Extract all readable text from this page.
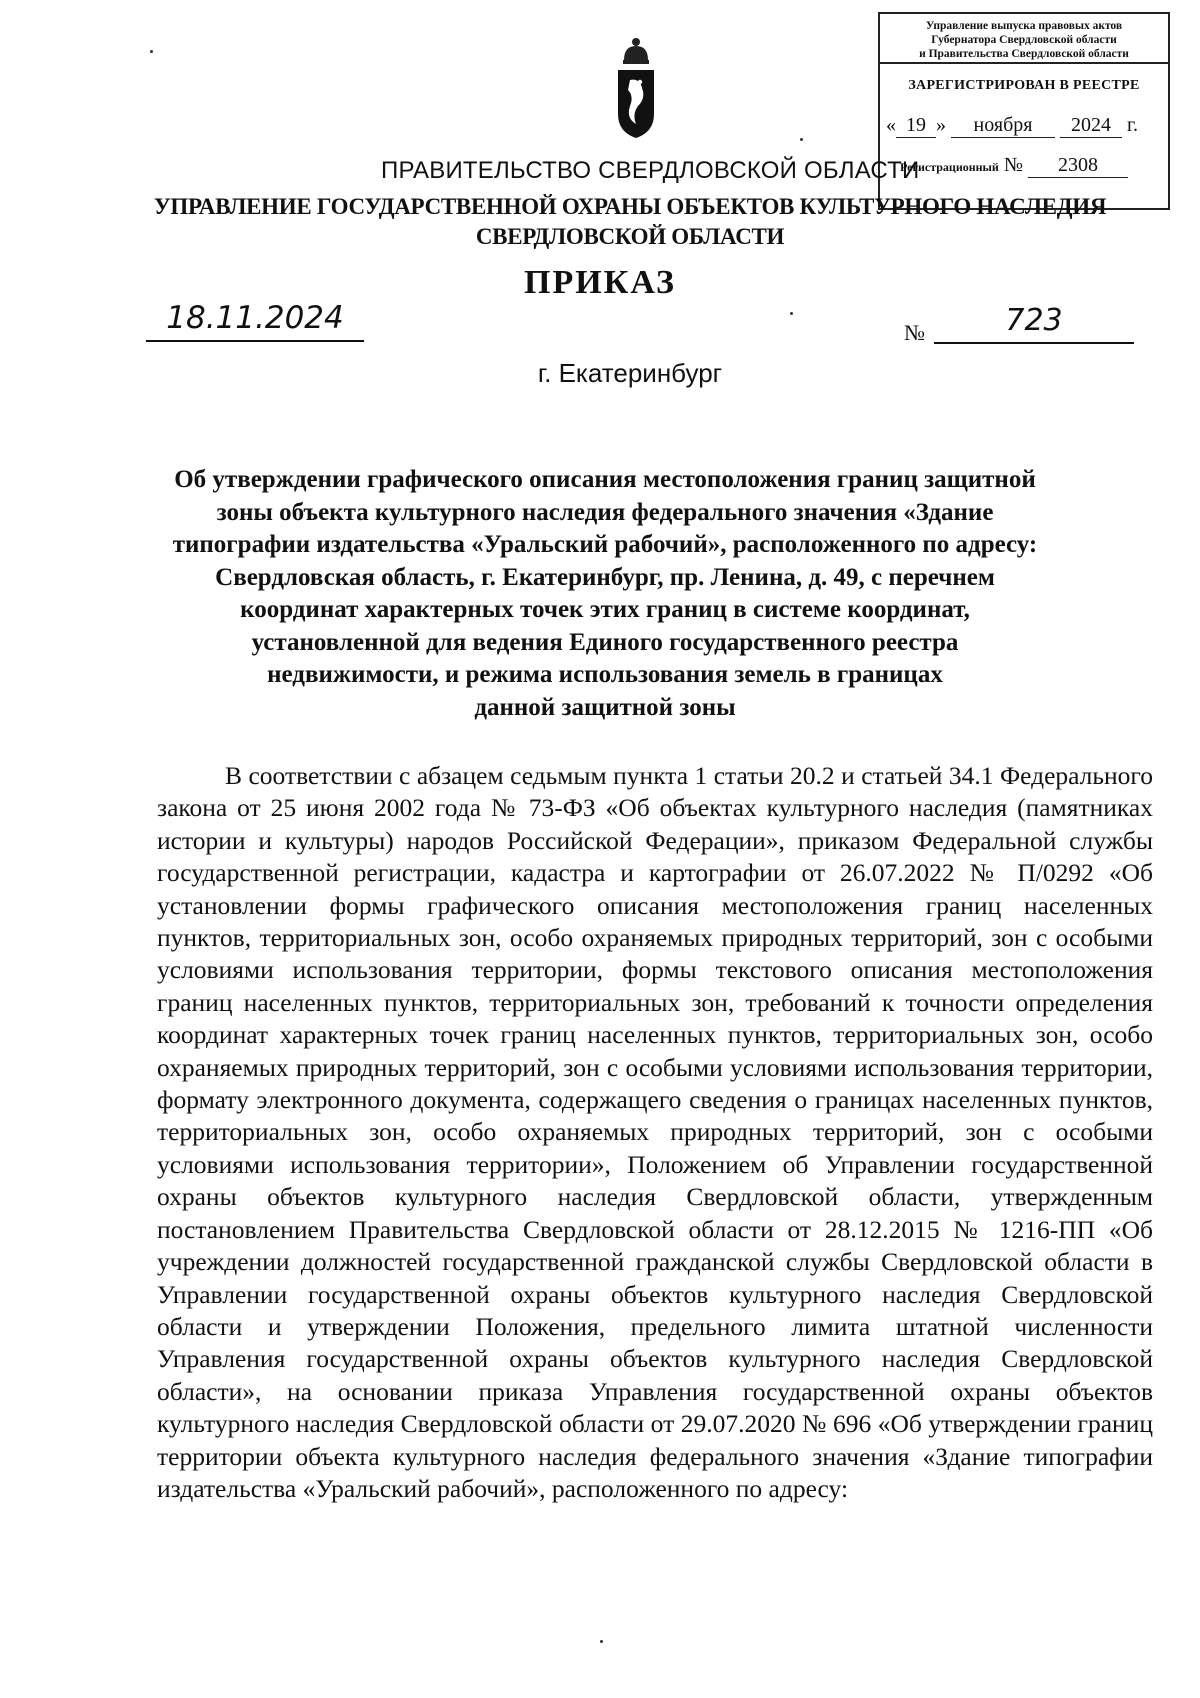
Управление выпуска правовых актов
Губернатора Свердловской области
и Правительства Свердловской области
ЗАРЕГИСТРИРОВАН В РЕЕСТРЕ
« 19 » ноября 2024 г.
Регистрационный № 2308
ПРАВИТЕЛЬСТВО СВЕРДЛОВСКОЙ ОБЛАСТИ
УПРАВЛЕНИЕ ГОСУДАРСТВЕННОЙ ОХРАНЫ ОБЪЕКТОВ КУЛЬТУРНОГО НАСЛЕДИЯ
СВЕРДЛОВСКОЙ ОБЛАСТИ
ПРИКАЗ
18.11.2024	№	723
г. Екатеринбург
Об утверждении графического описания местоположения границ защитной
зоны объекта культурного наследия федерального значения «Здание
типографии издательства «Уральский рабочий», расположенного по адресу:
Свердловская область, г. Екатеринбург, пр. Ленина, д. 49, с перечнем
координат характерных точек этих границ в системе координат,
установленной для ведения Единого государственного реестра
недвижимости, и режима использования земель в границах
данной защитной зоны
В соответствии с абзацем седьмым пункта 1 статьи 20.2 и статьей 34.1 Федерального закона от 25 июня 2002 года № 73-ФЗ «Об объектах культурного наследия (памятниках истории и культуры) народов Российской Федерации», приказом Федеральной службы государственной регистрации, кадастра и картографии от 26.07.2022 № П/0292 «Об установлении формы графического описания местоположения границ населенных пунктов, территориальных зон, особо охраняемых природных территорий, зон с особыми условиями использования территории, формы текстового описания местоположения границ населенных пунктов, территориальных зон, требований к точности определения координат характерных точек границ населенных пунктов, территориальных зон, особо охраняемых природных территорий, зон с особыми условиями использования территории, формату электронного документа, содержащего сведения о границах населенных пунктов, территориальных зон, особо охраняемых природных территорий, зон с особыми условиями использования территории», Положением об Управлении государственной охраны объектов культурного наследия Свердловской области, утвержденным постановлением Правительства Свердловской области от 28.12.2015 № 1216-ПП «Об учреждении должностей государственной гражданской службы Свердловской области в Управлении государственной охраны объектов культурного наследия Свердловской области и утверждении Положения, предельного лимита штатной численности Управления государственной охраны объектов культурного наследия Свердловской области», на основании приказа Управления государственной охраны объектов культурного наследия Свердловской области от 29.07.2020 № 696 «Об утверждении границ территории объекта культурного наследия федерального значения «Здание типографии издательства «Уральский рабочий», расположенного по адресу:
